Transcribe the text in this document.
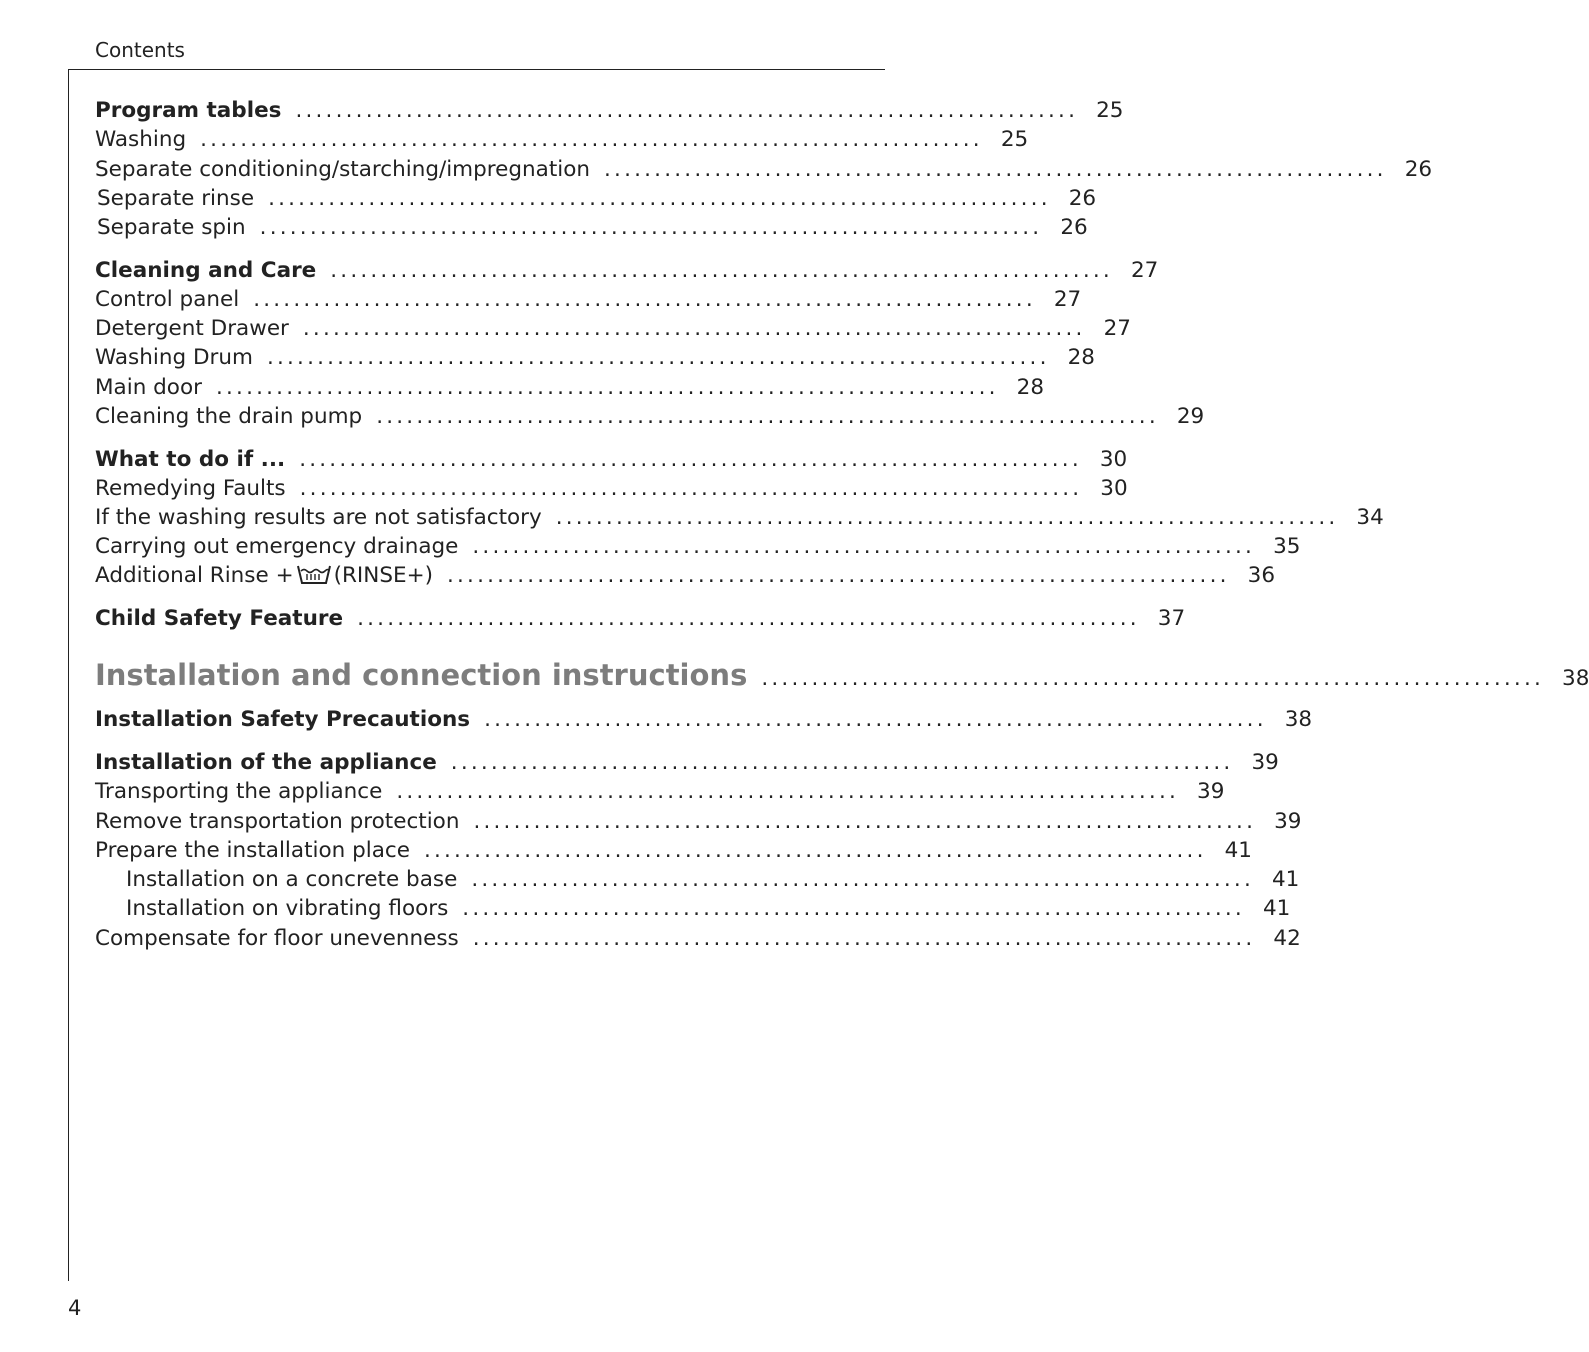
Contents
Program tables .............................................................................. 25
Washing .............................................................................. 25
Separate conditioning/starching/impregnation .............................................................................. 26
Separate rinse .............................................................................. 26
Separate spin .............................................................................. 26
Cleaning and Care .............................................................................. 27
Control panel .............................................................................. 27
Detergent Drawer .............................................................................. 27
Washing Drum .............................................................................. 28
Main door .............................................................................. 28
Cleaning the drain pump .............................................................................. 29
What to do if ... .............................................................................. 30
Remedying Faults .............................................................................. 30
If the washing results are not satisfactory .............................................................................. 34
Carrying out emergency drainage .............................................................................. 35
Additional Rinse + (RINSE+) .............................................................................. 36
Child Safety Feature .............................................................................. 37
Installation and connection instructions .............................................................................. 38
Installation Safety Precautions .............................................................................. 38
Installation of the appliance .............................................................................. 39
Transporting the appliance .............................................................................. 39
Remove transportation protection .............................................................................. 39
Prepare the installation place .............................................................................. 41
Installation on a concrete base .............................................................................. 41
Installation on vibrating floors .............................................................................. 41
Compensate for floor unevenness .............................................................................. 42
4
